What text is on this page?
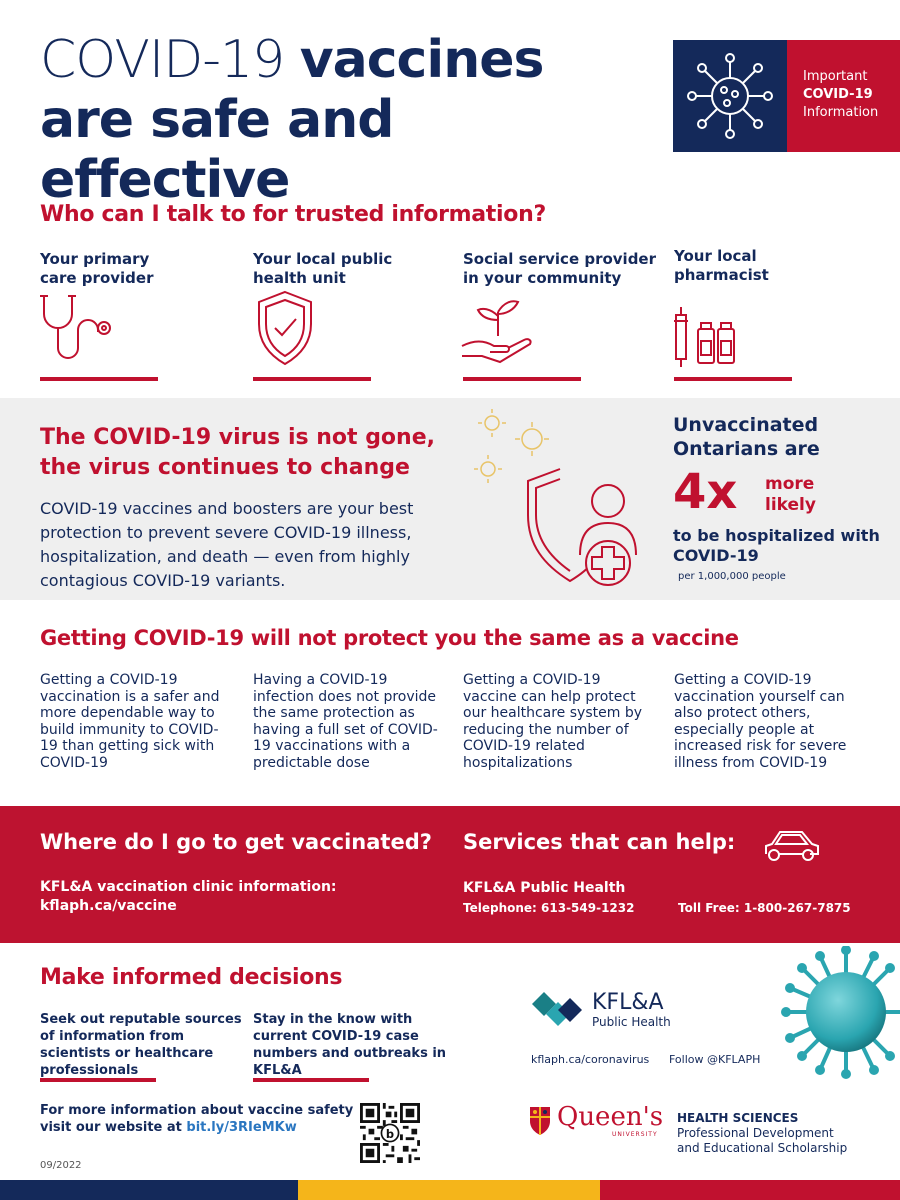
COVID-19 vaccines
are safe and effective
Important
COVID-19
Information
Who can I talk to for trusted information?
Your primary care provider
Your local public health unit
Social service provider in your community
Your local pharmacist
The COVID-19 virus is not gone,
the virus continues to change
COVID-19 vaccines and boosters are your best protection to prevent severe COVID-19 illness, hospitalization, and death — even from highly contagious COVID-19 variants.
Unvaccinated Ontarians are
4x more likely
to be hospitalized with COVID-19
per 1,000,000 people
Getting COVID-19 will not protect you the same as a vaccine
Getting a COVID-19 vaccination is a safer and more dependable way to build immunity to COVID-19 than getting sick with COVID-19
Having a COVID-19 infection does not provide the same protection as having a full set of COVID-19 vaccinations with a predictable dose
Getting a COVID-19 vaccine can help protect our healthcare system by reducing the number of COVID-19 related hospitalizations
Getting a COVID-19 vaccination yourself can also protect others, especially people at increased risk for severe illness from COVID-19
Where do I go to get vaccinated?
KFL&A vaccination clinic information:
kflaph.ca/vaccine
Services that can help:
KFL&A Public Health
Telephone: 613-549-1232	Toll Free: 1-800-267-7875
Make informed decisions
Seek out reputable sources of information from scientists or healthcare professionals
Stay in the know with current COVID-19 case numbers and outbreaks in KFL&A
For more information about vaccine safety visit our website at bit.ly/3RIeMKw	b
09/2022
KFL&A
Public Health
kflaph.ca/coronavirus Follow @KFLAPH
Queen's
UNIVERSITY
HEALTH SCIENCES
Professional Development
and Educational Scholarship
